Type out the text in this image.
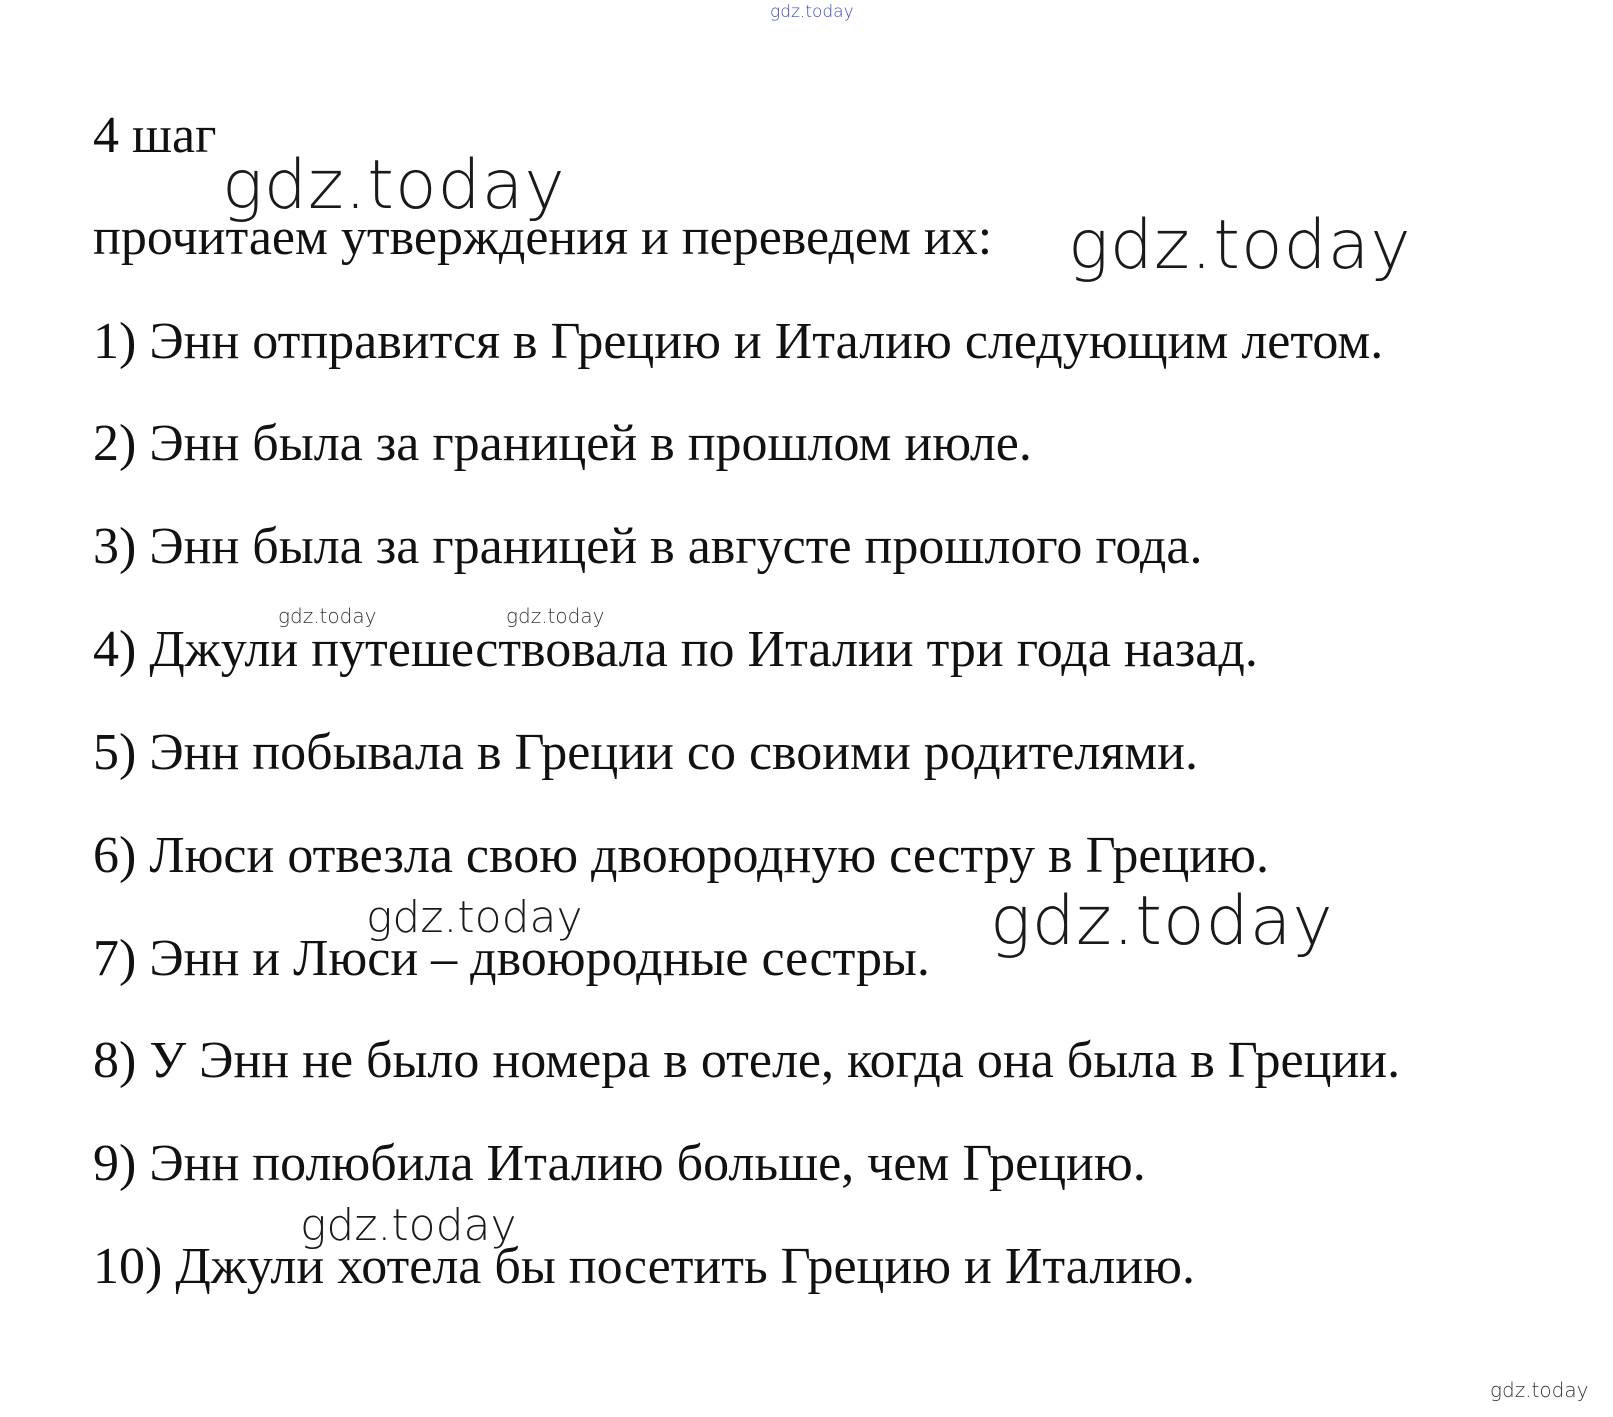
gdz.today
4 шаг
прочитаем утверждения и переведем их:
1) Энн отправится в Грецию и Италию следующим летом.
2) Энн была за границей в прошлом июле.
3) Энн была за границей в августе прошлого года.
4) Джули путешествовала по Италии три года назад.
5) Энн побывала в Греции со своими родителями.
6) Люси отвезла свою двоюродную сестру в Грецию.
7) Энн и Люси – двоюродные сестры.
8) У Энн не было номера в отеле, когда она была в Греции.
9) Энн полюбила Италию больше, чем Грецию.
10) Джули хотела бы посетить Грецию и Италию.
gdz.today
gdz.today
gdz.today	gdz.today
gdz.today	gdz.today
gdz.today
gdz.today
